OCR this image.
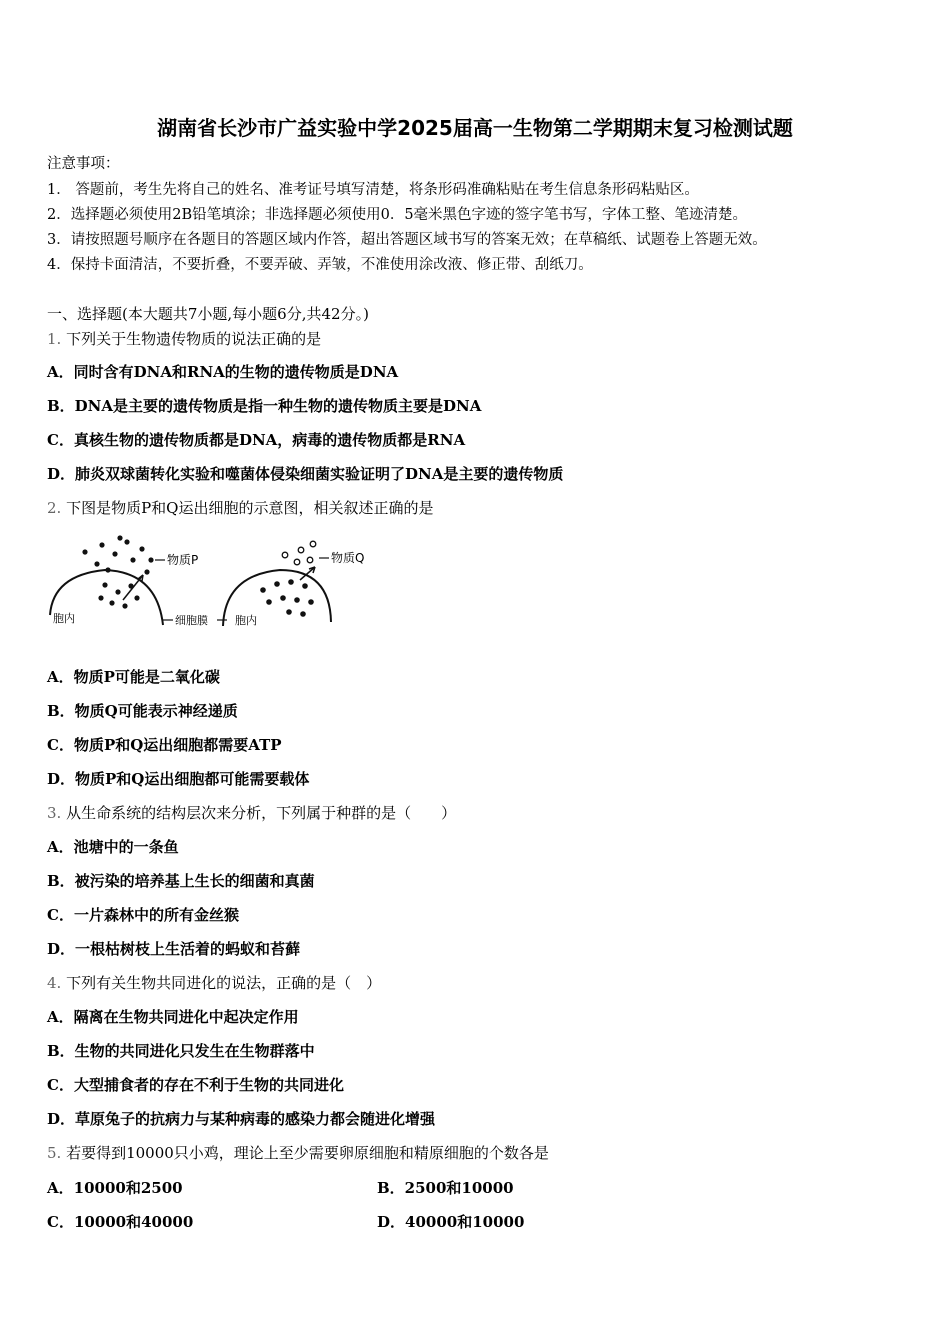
湖南省长沙市广益实验中学2025届高一生物第二学期期末复习检测试题
注意事项：
1． 答题前，考生先将自己的姓名、准考证号填写清楚，将条形码准确粘贴在考生信息条形码粘贴区。
2．选择题必须使用2B铅笔填涂；非选择题必须使用0．5毫米黑色字迹的签字笔书写，字体工整、笔迹清楚。
3．请按照题号顺序在各题目的答题区域内作答，超出答题区域书写的答案无效；在草稿纸、试题卷上答题无效。
4．保持卡面清洁，不要折叠，不要弄破、弄皱，不准使用涂改液、修正带、刮纸刀。
一、选择题(本大题共7小题,每小题6分,共42分。)
1. 下列关于生物遗传物质的说法正确的是
A．同时含有DNA和RNA的生物的遗传物质是DNA
B．DNA是主要的遗传物质是指一种生物的遗传物质主要是DNA
C．真核生物的遗传物质都是DNA，病毒的遗传物质都是RNA
D．肺炎双球菌转化实验和噬菌体侵染细菌实验证明了DNA是主要的遗传物质
2. 下图是物质P和Q运出细胞的示意图，相关叙述正确的是
物质P
胞内	细胞膜
物质Q
胞内
A．物质P可能是二氧化碳
B．物质Q可能表示神经递质
C．物质P和Q运出细胞都需要ATP
D．物质P和Q运出细胞都可能需要载体
3. 从生命系统的结构层次来分析，下列属于种群的是（　　）
A．池塘中的一条鱼
B．被污染的培养基上生长的细菌和真菌
C．一片森林中的所有金丝猴
D．一根枯树枝上生活着的蚂蚁和苔藓
4. 下列有关生物共同进化的说法，正确的是（　）
A．隔离在生物共同进化中起决定作用
B．生物的共同进化只发生在生物群落中
C．大型捕食者的存在不利于生物的共同进化
D．草原兔子的抗病力与某种病毒的感染力都会随进化增强
5. 若要得到10000只小鸡，理论上至少需要卵原细胞和精原细胞的个数各是
A．10000和2500	B．2500和10000
C．10000和40000	D．40000和10000
